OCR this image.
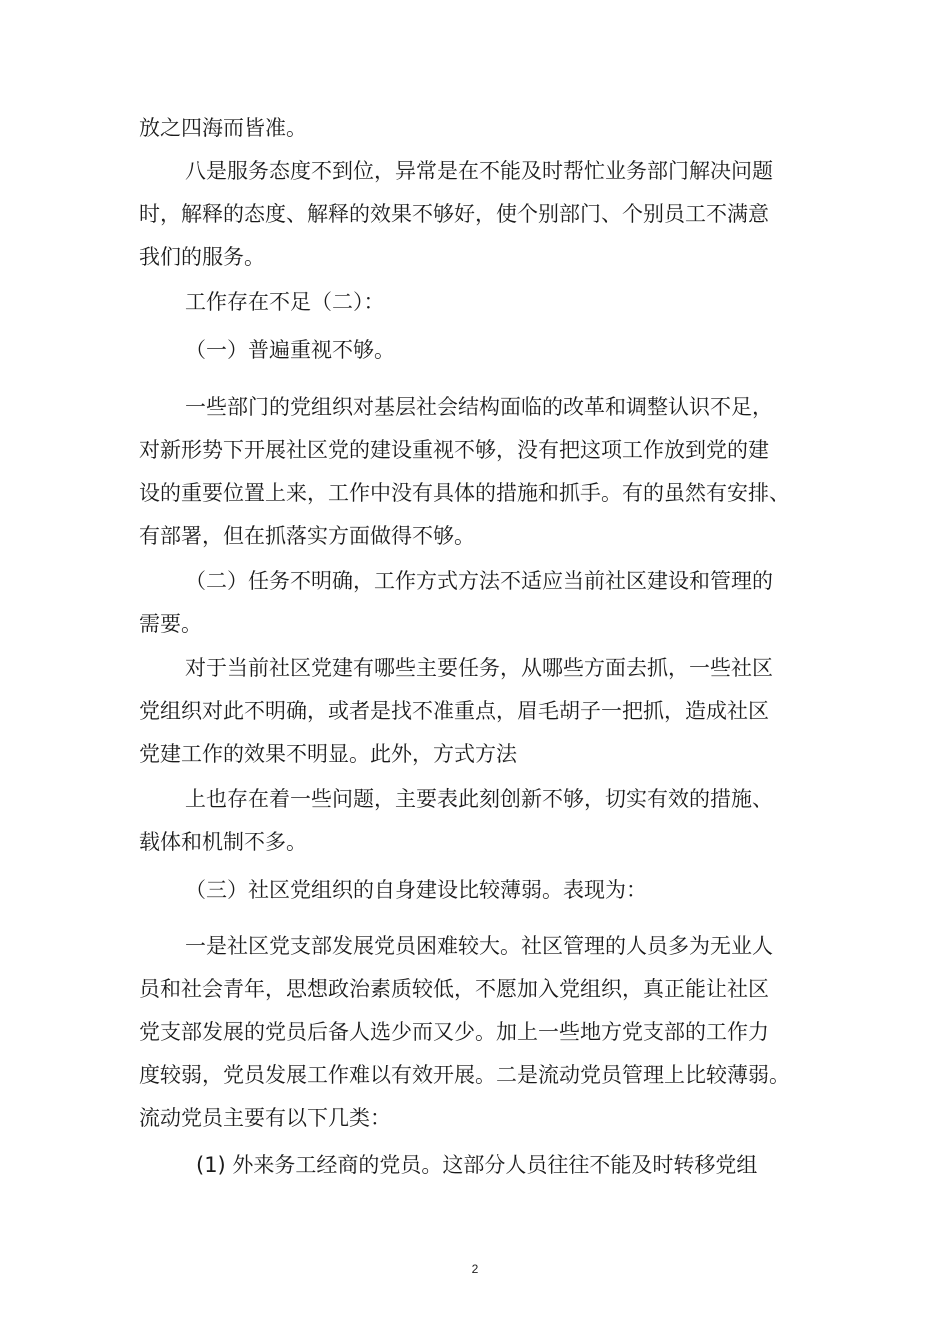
放之四海而皆准。
八是服务态度不到位，异常是在不能及时帮忙业务部门解决问题
时，解释的态度、解释的效果不够好，使个别部门、个别员工不满意
我们的服务。
工作存在不足（二）：
（一）普遍重视不够。
一些部门的党组织对基层社会结构面临的改革和调整认识不足，
对新形势下开展社区党的建设重视不够，没有把这项工作放到党的建
设的重要位置上来，工作中没有具体的措施和抓手。有的虽然有安排、
有部署，但在抓落实方面做得不够。
（二）任务不明确，工作方式方法不适应当前社区建设和管理的
需要。
对于当前社区党建有哪些主要任务，从哪些方面去抓，一些社区
党组织对此不明确，或者是找不准重点，眉毛胡子一把抓，造成社区
党建工作的效果不明显。此外，方式方法
上也存在着一些问题，主要表此刻创新不够，切实有效的措施、
载体和机制不多。
（三）社区党组织的自身建设比较薄弱。表现为：
一是社区党支部发展党员困难较大。社区管理的人员多为无业人
员和社会青年，思想政治素质较低，不愿加入党组织，真正能让社区
党支部发展的党员后备人选少而又少。加上一些地方党支部的工作力
度较弱，党员发展工作难以有效开展。二是流动党员管理上比较薄弱。
流动党员主要有以下几类：
(1) 外来务工经商的党员。这部分人员往往不能及时转移党组
2
